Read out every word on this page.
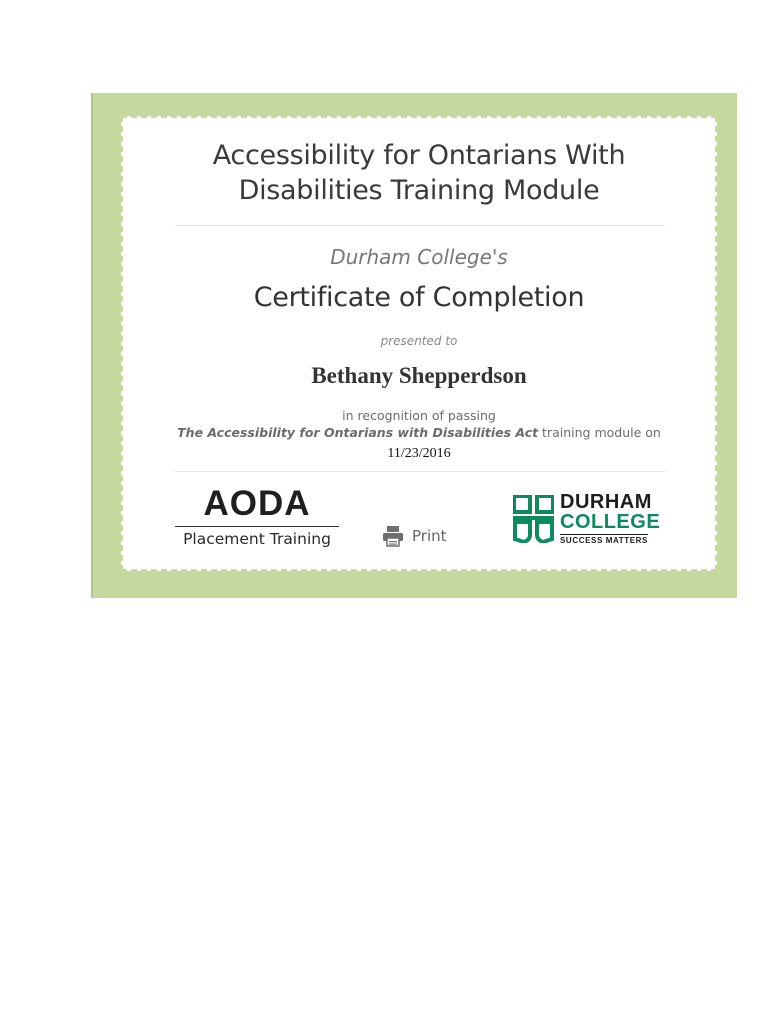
Accessibility for Ontarians With
Disabilities Training Module
Durham College's
Certificate of Completion
presented to
Bethany Shepperdson
in recognition of passing
The Accessibility for Ontarians with Disabilities Act training module on
11/23/2016
AODA
Placement Training	Print
DURHAM
COLLEGE
SUCCESS MATTERS
